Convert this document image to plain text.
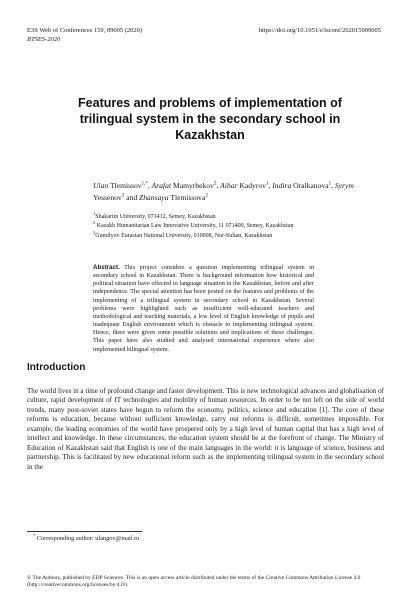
E3S Web of Conferences 159, 09005 (2020)	https://doi.org/10.1051/e3sconf/202015909005
BTSES-2020
Features and problems of implementation of trilingual system in the secondary school in Kazakhstan
Ulan Tlemissov$^{1,*}$, Arafat Mamyrbekov$^2$, Aibar Kadyrov$^1$, Indira Oralkanova$^1$, Syrym Yessenov$^3$ and Zhansaya Tlemissova$^2$
$^1$Shakarim University, 071412, Semey, Kazakhstan
$^2$ Kazakh Humanitarian Law Innovative University, 11 071400, Semey, Kazakhstan
$^3$Gumilyov Eurasian National University, 010008, Nur-Sultan, Kazakhstan
Abstract. This project considers a question implementing trilingual system in secondary school in Kazakhstan. There is background information how historical and political situation have effected to language situation in the Kazakhstan, before and after independence. The special attention has been posted on the features and problems of the implementing of a trilingual system in secondary school in Kazakhstan. Several problems were highlighted such as insufficient well-educated teachers and methodological and teaching materials, a low level of English knowledge of pupils and inadequate English environment which is obstacle to implementing trilingual system. Hence, there were given some possible solutions and implications of these challenges. This paper have also studied and analysed international experience where also implemented bilingual system.
Introduction
The world lives in a time of profound change and faster development. This is new technological advances and globalisation of culture, rapid development of IT technologies and mobility of human resources. In order to be not left on the side of world trends, many post-soviet states have begun to reform the economy, politics, science and education [1]. The core of these reforms is education, because without sufficient knowledge, carry out reforms is difficult, sometimes impossible. For example, the leading economies of the world have prospered only by a high level of human capital that has a high level of intellect and knowledge. In these circumstances, the education system should be at the forefront of change. The Ministry of Education of Kazakhstan said that English is one of the main languages in the world: it is language of science, business and partnership. This is facilitated by new educational reform such as the implementing trilingual system in the secondary school in the
* Corresponding author: ulangov@mail.ru
© The Authors, published by EDP Sciences. This is an open access article distributed under the terms of the Creative Commons Attribution License 4.0 (http://creativecommons.org/licenses/by/4.0/).
